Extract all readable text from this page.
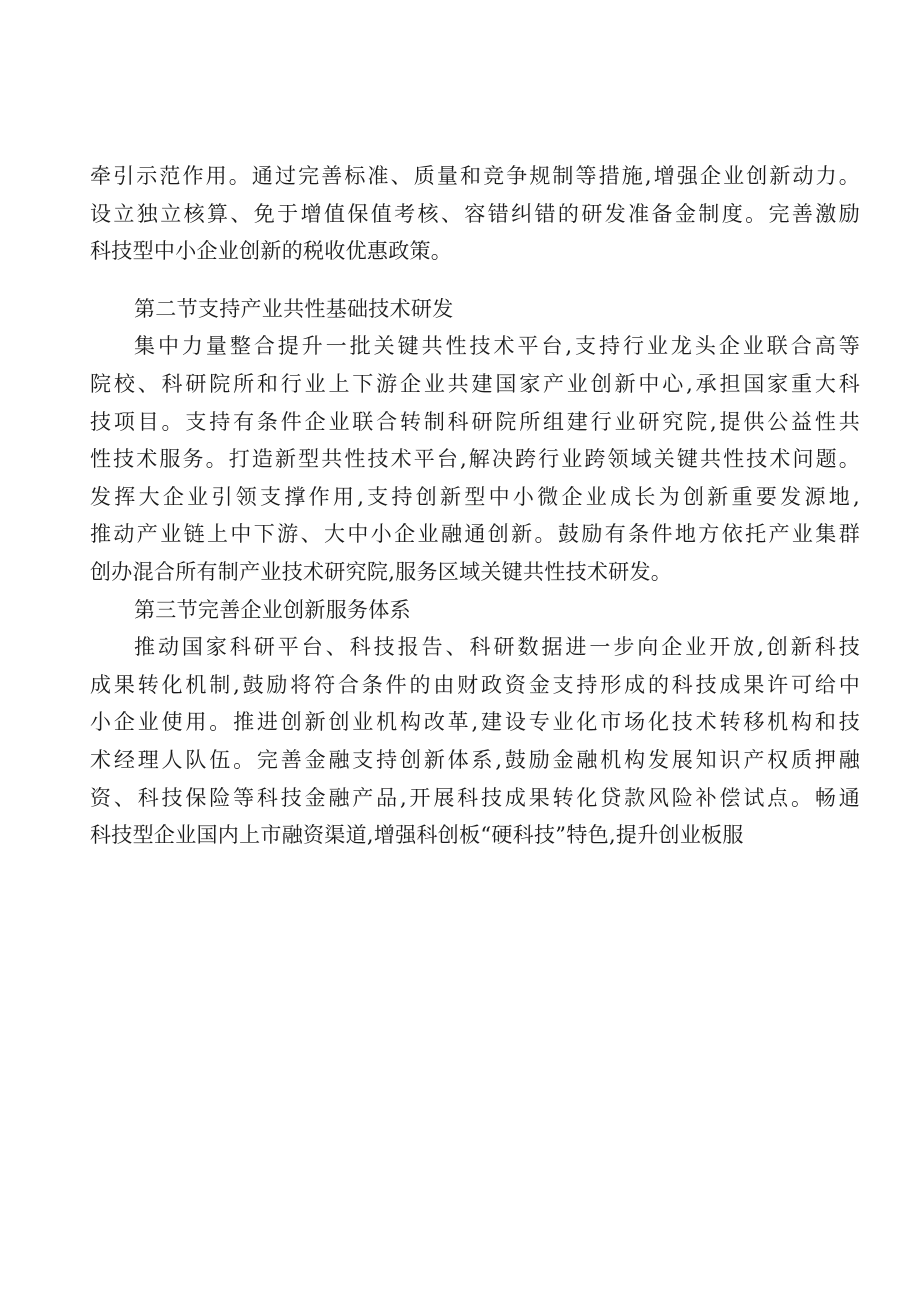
牵引示范作用。通过完善标准、质量和竞争规制等措施,增强企业创新动力。
设立独立核算、免于增值保值考核、容错纠错的研发准备金制度。完善激励
科技型中小企业创新的税收优惠政策。
第二节支持产业共性基础技术研发
集中力量整合提升一批关键共性技术平台,支持行业龙头企业联合高等
院校、科研院所和行业上下游企业共建国家产业创新中心,承担国家重大科
技项目。支持有条件企业联合转制科研院所组建行业研究院,提供公益性共
性技术服务。打造新型共性技术平台,解决跨行业跨领域关键共性技术问题。
发挥大企业引领支撑作用,支持创新型中小微企业成长为创新重要发源地,
推动产业链上中下游、大中小企业融通创新。鼓励有条件地方依托产业集群
创办混合所有制产业技术研究院,服务区域关键共性技术研发。
第三节完善企业创新服务体系
推动国家科研平台、科技报告、科研数据进一步向企业开放,创新科技
成果转化机制,鼓励将符合条件的由财政资金支持形成的科技成果许可给中
小企业使用。推进创新创业机构改革,建设专业化市场化技术转移机构和技
术经理人队伍。完善金融支持创新体系,鼓励金融机构发展知识产权质押融
资、科技保险等科技金融产品,开展科技成果转化贷款风险补偿试点。畅通
科技型企业国内上市融资渠道,增强科创板“硬科技”特色,提升创业板服
